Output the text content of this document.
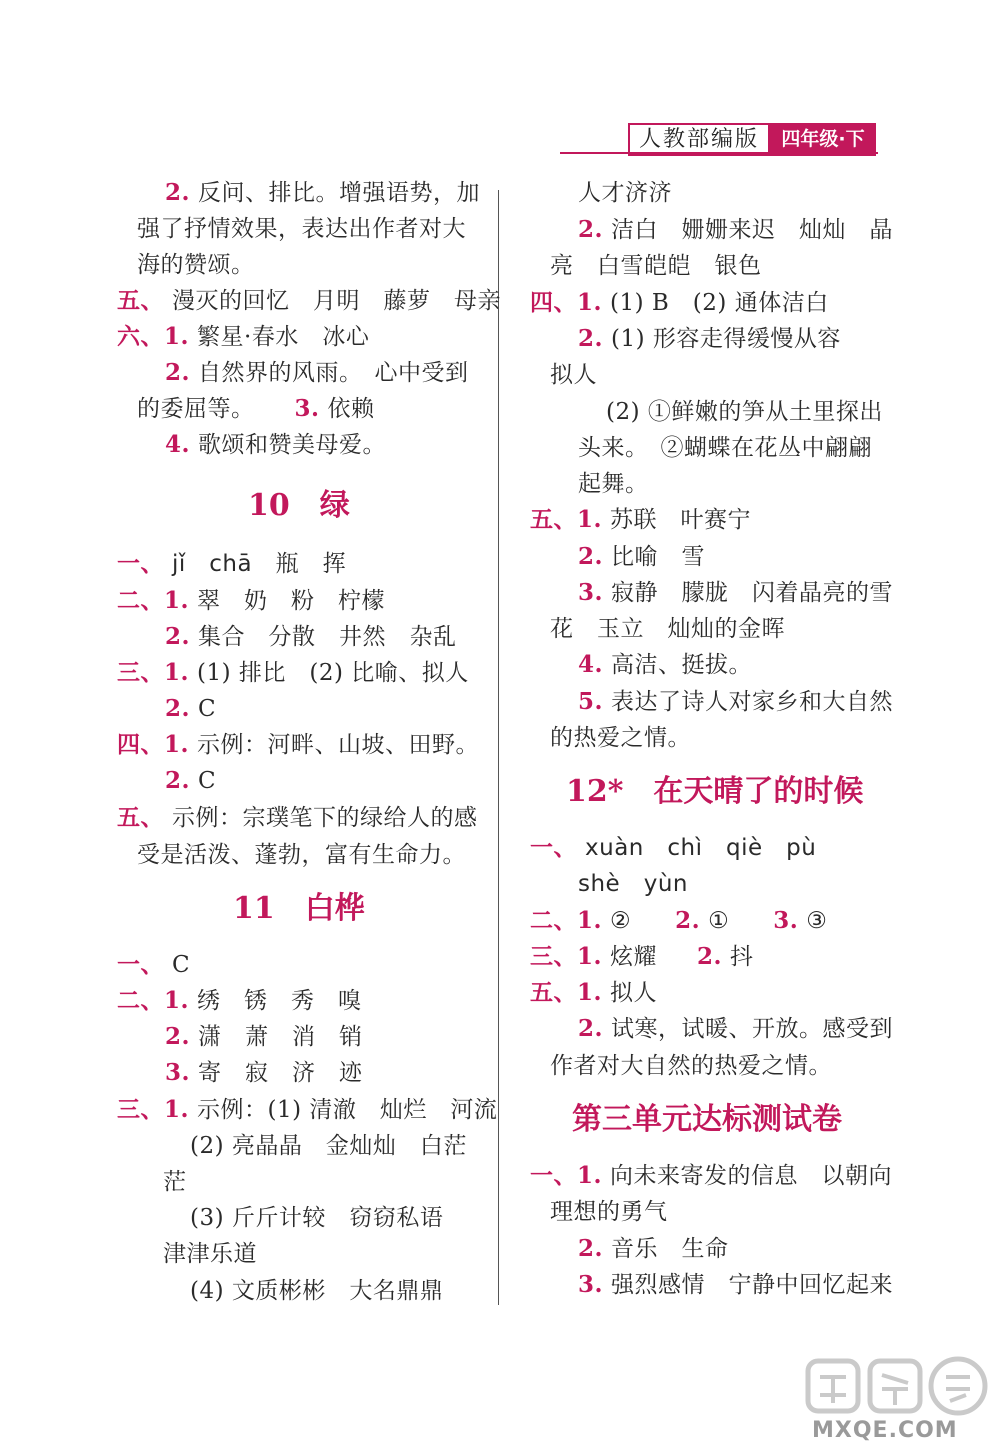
人教部编版	四年级·下
2. 反问、排比。增强语势，加
强了抒情效果，表达出作者对大
海的赞颂。
五、 漫灭的回忆　月明　藤萝　母亲
六、1. 繁星·春水　冰心
2. 自然界的风雨。　心中受到
的委屈等。 3. 依赖
4. 歌颂和赞美母爱。
10　绿
一、 jǐ　chā　瓶　挥
二、1. 翠　奶　粉　柠檬
2. 集合　分散　井然　杂乱
三、1. (1) 排比　(2) 比喻、拟人
2. C
四、1. 示例：河畔、山坡、田野。
2. C
五、 示例：宗璞笔下的绿给人的感
受是活泼、蓬勃，富有生命力。
11　白桦
一、 C
二、1. 绣　锈　秀　嗅
2. 潇　萧　消　销
3. 寄　寂　济　迹
三、1. 示例：(1) 清澈　灿烂　河流
(2) 亮晶晶　金灿灿　白茫
茫
(3) 斤斤计较　窃窃私语
津津乐道
(4) 文质彬彬　大名鼎鼎
人才济济
2. 洁白　姗姗来迟　灿灿　晶
亮　白雪皑皑　银色
四、1. (1) B　(2) 通体洁白
2. (1) 形容走得缓慢从容
拟人
(2) ①鲜嫩的笋从土里探出
头来。　②蝴蝶在花丛中翩翩
起舞。
五、1. 苏联　叶赛宁
2. 比喻　雪
3. 寂静　朦胧　闪着晶亮的雪
花　玉立　灿灿的金晖
4. 高洁、挺拔。
5. 表达了诗人对家乡和大自然
的热爱之情。
12*　在天晴了的时候
一、 xuàn　chì　qiè　pù
shè　yùn
二、1. ② 2. ① 3. ③
三、1. 炫耀 2. 抖
五、1. 拟人
2. 试寒，试暖、开放。感受到
作者对大自然的热爱之情。
第三单元达标测试卷
一、1. 向未来寄发的信息　以朝向
理想的勇气
2. 音乐　生命
3. 强烈感情　宁静中回忆起来
MXQE.COM
